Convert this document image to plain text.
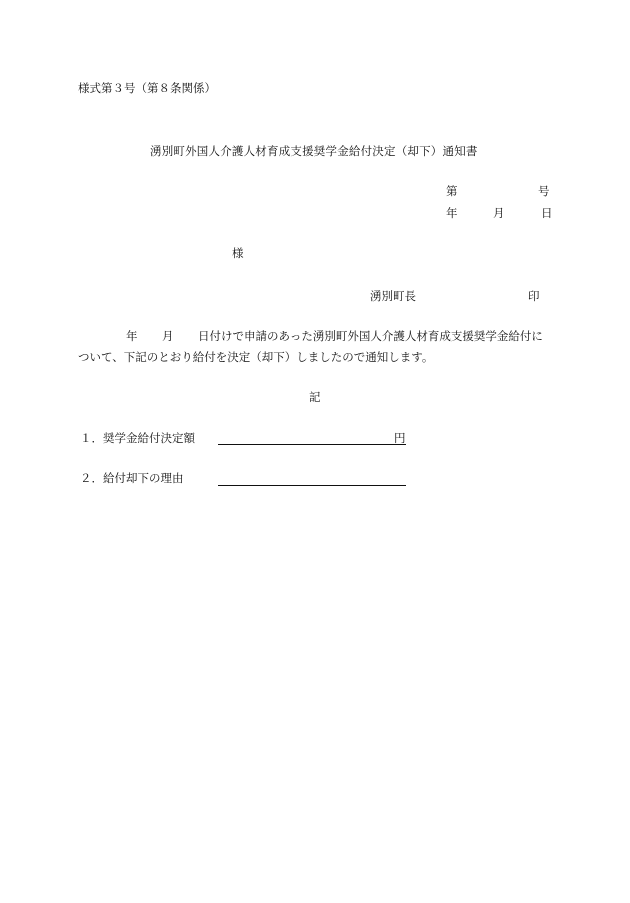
様式第３号（第８条関係）
湧別町外国人介護人材育成支援奨学金給付決定（却下）通知書
第	号
年	月	日
様
湧別町長	印
年 月 日付けで申請のあった湧別町外国人介護人材育成支援奨学金給付に
ついて、下記のとおり給付を決定（却下）しましたので通知します。
記
１．奨学金給付決定額	円
２．給付却下の理由
